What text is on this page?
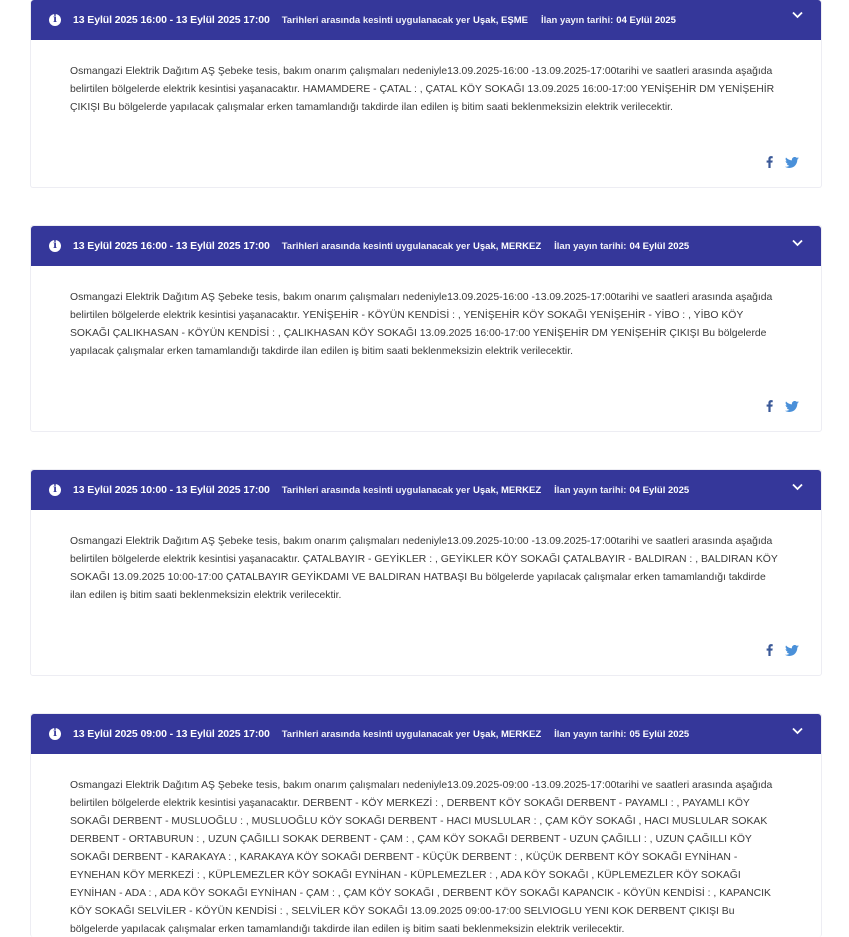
i	13 Eylül 2025 16:00 - 13 Eylül 2025 17:00 Tarihleri arasında kesinti uygulanacak yer Uşak, EŞME İlan yayın tarihi: 04 Eylül 2025
Osmangazi Elektrik Dağıtım AŞ Şebeke tesis, bakım onarım çalışmaları nedeniyle13.09.2025-16:00 -13.09.2025-17:00tarihi ve saatleri arasında aşağıda belirtilen bölgelerde elektrik kesintisi yaşanacaktır. HAMAMDERE - ÇATAL : , ÇATAL KÖY SOKAĞI 13.09.2025 16:00-17:00 YENİŞEHİR DM YENİŞEHİR ÇIKIŞI Bu bölgelerde yapılacak çalışmalar erken tamamlandığı takdirde ilan edilen iş bitim saati beklenmeksizin elektrik verilecektir.
i	13 Eylül 2025 16:00 - 13 Eylül 2025 17:00 Tarihleri arasında kesinti uygulanacak yer Uşak, MERKEZ İlan yayın tarihi: 04 Eylül 2025
Osmangazi Elektrik Dağıtım AŞ Şebeke tesis, bakım onarım çalışmaları nedeniyle13.09.2025-16:00 -13.09.2025-17:00tarihi ve saatleri arasında aşağıda belirtilen bölgelerde elektrik kesintisi yaşanacaktır. YENİŞEHİR - KÖYÜN KENDİSİ : , YENİŞEHİR KÖY SOKAĞI YENİŞEHİR - YİBO : , YİBO KÖY SOKAĞI ÇALIKHASAN - KÖYÜN KENDİSİ : , ÇALIKHASAN KÖY SOKAĞI 13.09.2025 16:00-17:00 YENİŞEHİR DM YENİŞEHİR ÇIKIŞI Bu bölgelerde yapılacak çalışmalar erken tamamlandığı takdirde ilan edilen iş bitim saati beklenmeksizin elektrik verilecektir.
i	13 Eylül 2025 10:00 - 13 Eylül 2025 17:00 Tarihleri arasında kesinti uygulanacak yer Uşak, MERKEZ İlan yayın tarihi: 04 Eylül 2025
Osmangazi Elektrik Dağıtım AŞ Şebeke tesis, bakım onarım çalışmaları nedeniyle13.09.2025-10:00 -13.09.2025-17:00tarihi ve saatleri arasında aşağıda belirtilen bölgelerde elektrik kesintisi yaşanacaktır. ÇATALBAYIR - GEYİKLER : , GEYİKLER KÖY SOKAĞI ÇATALBAYIR - BALDIRAN : , BALDIRAN KÖY SOKAĞI 13.09.2025 10:00-17:00 ÇATALBAYIR GEYİKDAMI VE BALDIRAN HATBAŞI Bu bölgelerde yapılacak çalışmalar erken tamamlandığı takdirde ilan edilen iş bitim saati beklenmeksizin elektrik verilecektir.
i	13 Eylül 2025 09:00 - 13 Eylül 2025 17:00 Tarihleri arasında kesinti uygulanacak yer Uşak, MERKEZ İlan yayın tarihi: 05 Eylül 2025
Osmangazi Elektrik Dağıtım AŞ Şebeke tesis, bakım onarım çalışmaları nedeniyle13.09.2025-09:00 -13.09.2025-17:00tarihi ve saatleri arasında aşağıda belirtilen bölgelerde elektrik kesintisi yaşanacaktır. DERBENT - KÖY MERKEZİ : , DERBENT KÖY SOKAĞI DERBENT - PAYAMLI : , PAYAMLI KÖY SOKAĞI DERBENT - MUSLUOĞLU : , MUSLUOĞLU KÖY SOKAĞI DERBENT - HACI MUSLULAR : , ÇAM KÖY SOKAĞI , HACI MUSLULAR SOKAK DERBENT - ORTABURUN : , UZUN ÇAĞILLI SOKAK DERBENT - ÇAM : , ÇAM KÖY SOKAĞI DERBENT - UZUN ÇAĞILLI : , UZUN ÇAĞILLI KÖY SOKAĞI DERBENT - KARAKAYA : , KARAKAYA KÖY SOKAĞI DERBENT - KÜÇÜK DERBENT : , KÜÇÜK DERBENT KÖY SOKAĞI EYNİHAN - EYNEHAN KÖY MERKEZİ : , KÜPLEMEZLER KÖY SOKAĞI EYNİHAN - KÜPLEMEZLER : , ADA KÖY SOKAĞI , KÜPLEMEZLER KÖY SOKAĞI EYNİHAN - ADA : , ADA KÖY SOKAĞI EYNİHAN - ÇAM : , ÇAM KÖY SOKAĞI , DERBENT KÖY SOKAĞI KAPANCIK - KÖYÜN KENDİSİ : , KAPANCIK KÖY SOKAĞI SELVİLER - KÖYÜN KENDİSİ : , SELVİLER KÖY SOKAĞI 13.09.2025 09:00-17:00 SELVIOGLU YENI KOK DERBENT ÇIKIŞI Bu bölgelerde yapılacak çalışmalar erken tamamlandığı takdirde ilan edilen iş bitim saati beklenmeksizin elektrik verilecektir.
